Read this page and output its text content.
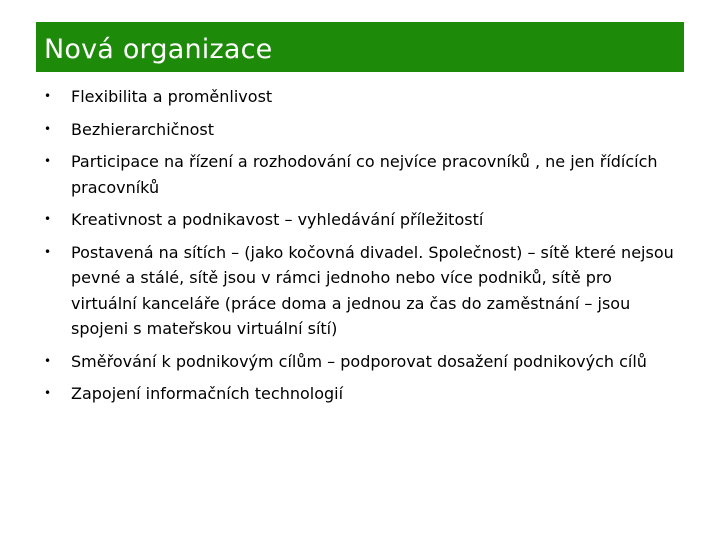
Nová organizace
• Flexibilita a proměnlivost
• Bezhierarchičnost
• Participace na řízení a rozhodování co nejvíce pracovníků , ne jen řídících pracovníků
• Kreativnost a podnikavost – vyhledávání příležitostí
• Postavená na sítích – (jako kočovná divadel. Společnost) – sítě které nejsou pevné a stálé, sítě jsou v rámci jednoho nebo více podniků, sítě pro virtuální kanceláře (práce doma a jednou za čas do zaměstnání – jsou spojeni s mateřskou virtuální sítí)
• Směřování k podnikovým cílům – podporovat dosažení podnikových cílů
• Zapojení informačních technologií
